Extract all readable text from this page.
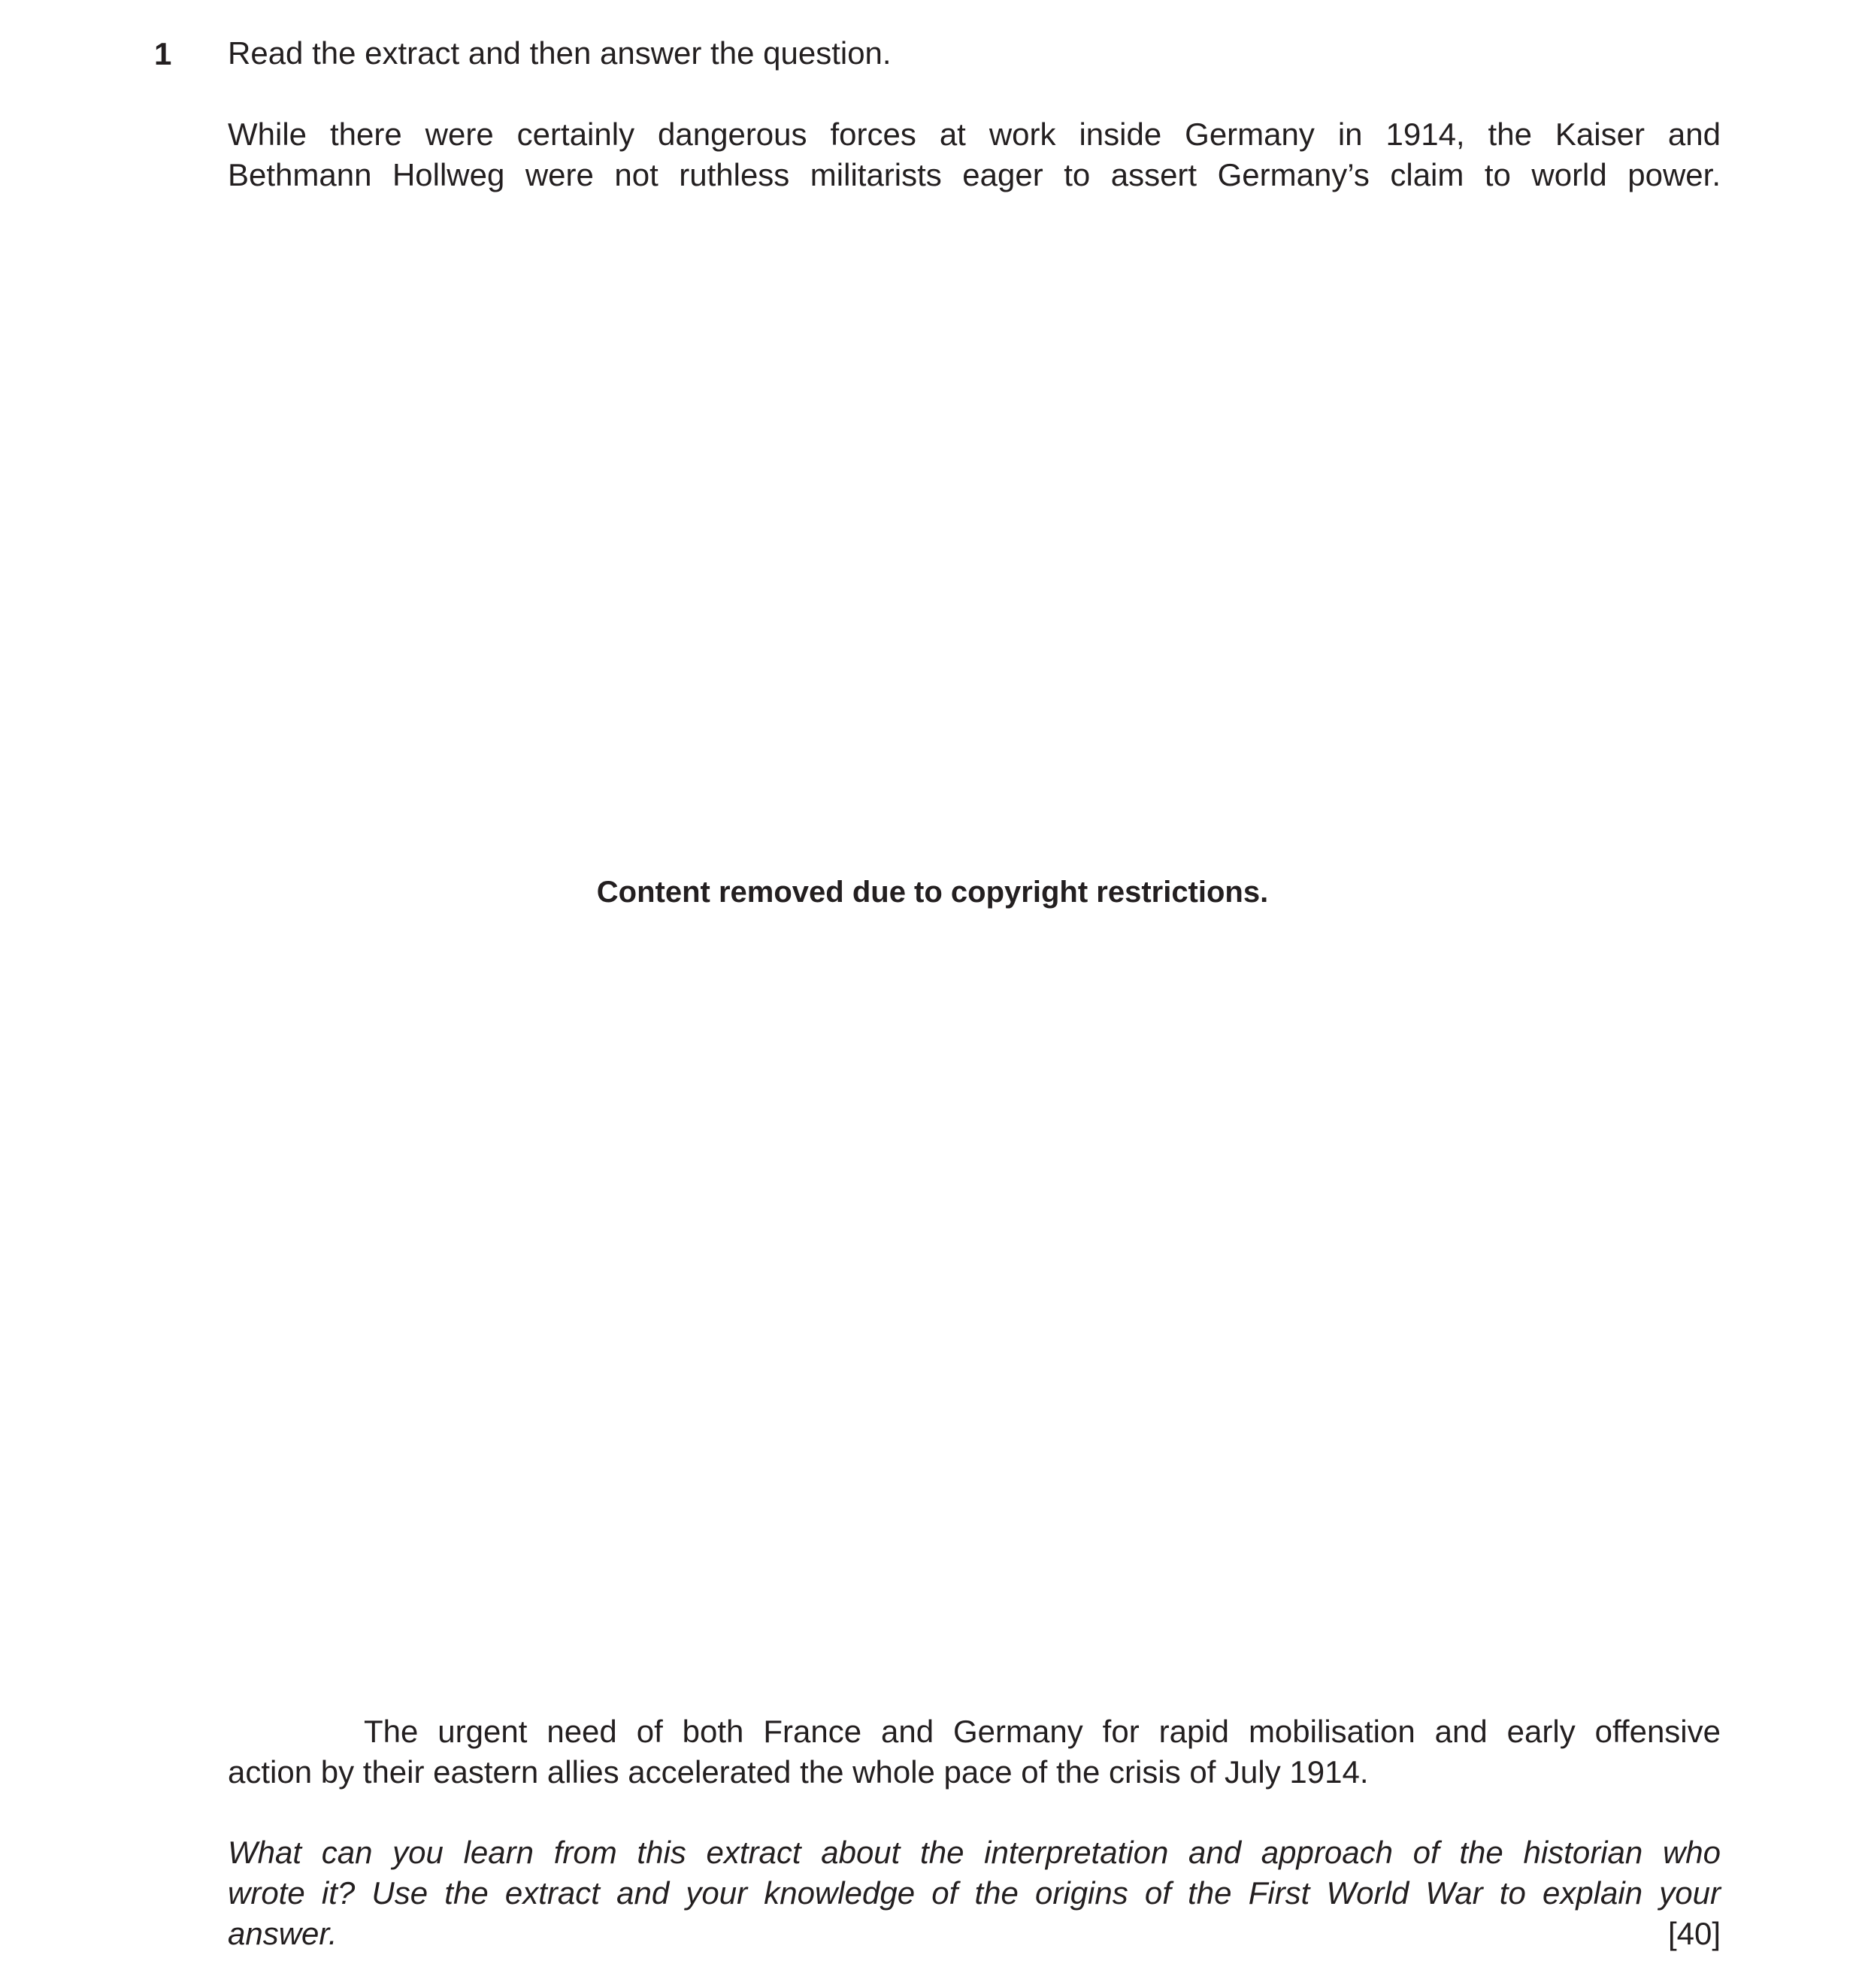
1 Read the extract and then answer the question.
While there were certainly dangerous forces at work inside Germany in 1914, the Kaiser and
Bethmann Hollweg were not ruthless militarists eager to assert Germany’s claim to world power.
Content removed due to copyright restrictions.
The urgent need of both France and Germany for rapid mobilisation and early offensive
action by their eastern allies accelerated the whole pace of the crisis of July 1914.
What can you learn from this extract about the interpretation and approach of the historian who
wrote it? Use the extract and your knowledge of the origins of the First World War to explain your
answer.	[40]
